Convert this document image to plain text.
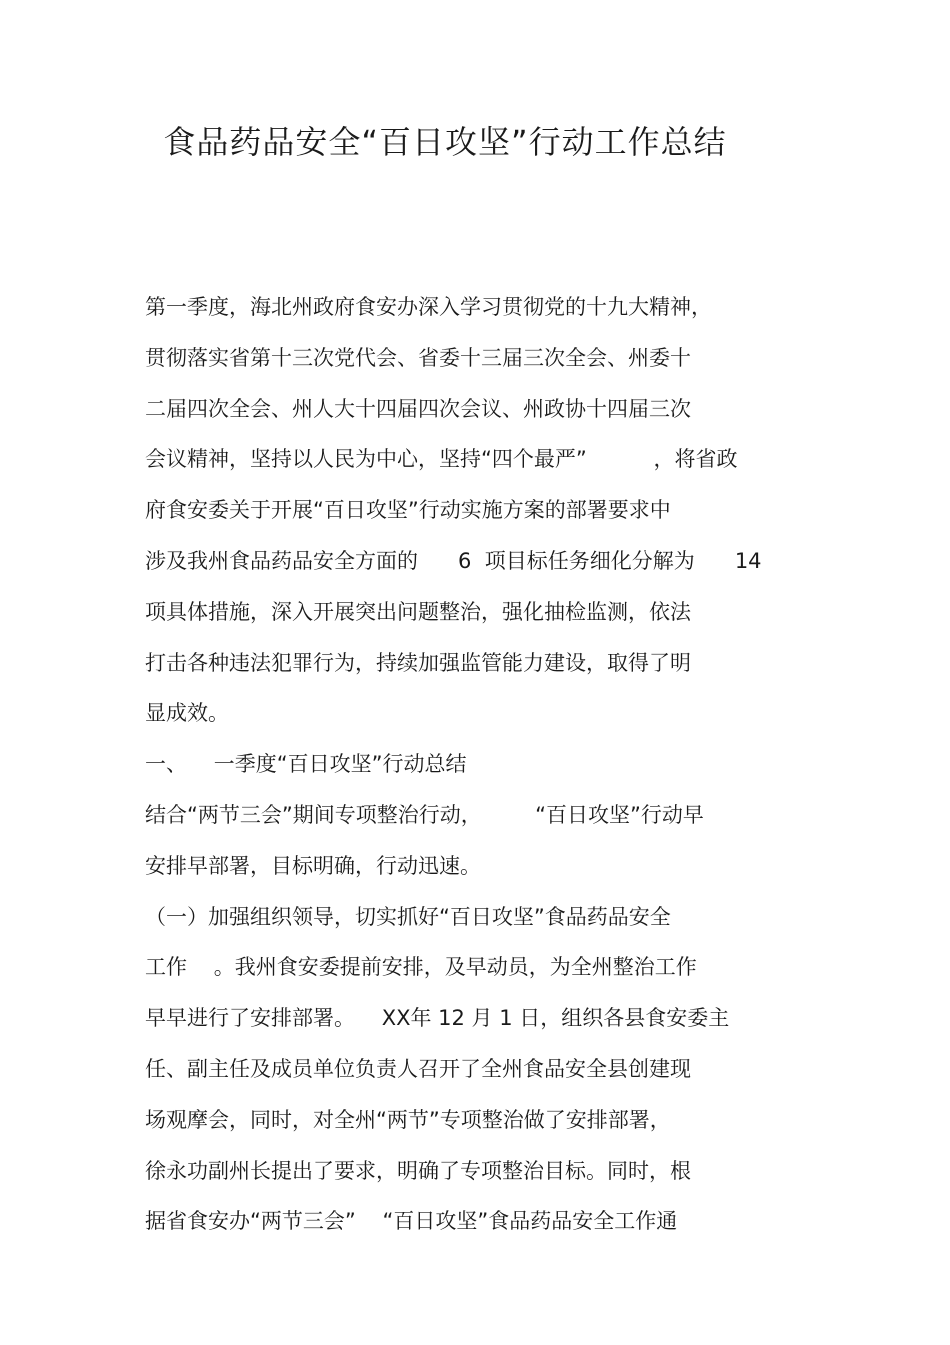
食品药品安全“百日攻坚”行动工作总结
第一季度，海北州政府食安办深入学习贯彻党的十九大精神，
贯彻落实省第十三次党代会、省委十三届三次全会、州委十
二届四次全会、州人大十四届四次会议、州政协十四届三次
会议精神，坚持以人民为中心，坚持“四个最严”          ，将省政
府食安委关于开展“百日攻坚”行动实施方案的部署要求中
涉及我州食品药品安全方面的      6  项目标任务细化分解为      14
项具体措施，深入开展突出问题整治，强化抽检监测，依法
打击各种违法犯罪行为，持续加强监管能力建设，取得了明
显成效。
一、    一季度“百日攻坚”行动总结
结合“两节三会”期间专项整治行动，        “百日攻坚”行动早
安排早部署，目标明确，行动迅速。
（一）加强组织领导，切实抓好“百日攻坚”食品药品安全
工作    。我州食安委提前安排，及早动员，为全州整治工作
早早进行了安排部署。    XX年 12 月 1 日，组织各县食安委主
任、副主任及成员单位负责人召开了全州食品安全县创建现
场观摩会，同时，对全州“两节”专项整治做了安排部署，
徐永功副州长提出了要求，明确了专项整治目标。同时，根
据省食安办“两节三会”    “百日攻坚”食品药品安全工作通
